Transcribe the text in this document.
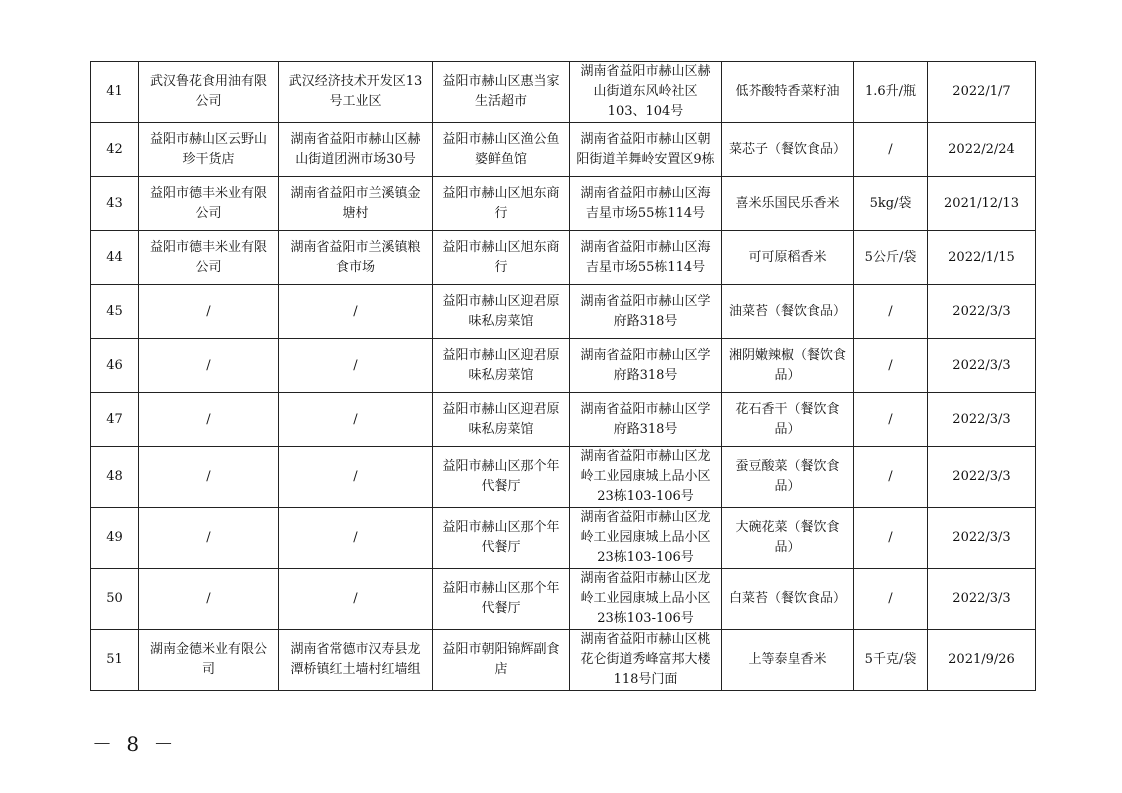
41	武汉鲁花食用油有限公司	武汉经济技术开发区13号工业区	益阳市赫山区惠当家生活超市	湖南省益阳市赫山区赫山街道东风岭社区103、104号	低芥酸特香菜籽油	1.6升/瓶	2022/1/7
42	益阳市赫山区云野山珍干货店	湖南省益阳市赫山区赫山街道团洲市场30号	益阳市赫山区渔公鱼婆鲜鱼馆	湖南省益阳市赫山区朝阳街道羊舞岭安置区9栋	菜芯子（餐饮食品）	/	2022/2/24
43	益阳市德丰米业有限公司	湖南省益阳市兰溪镇金塘村	益阳市赫山区旭东商行	湖南省益阳市赫山区海吉星市场55栋114号	喜米乐国民乐香米	5kg/袋	2021/12/13
44	益阳市德丰米业有限公司	湖南省益阳市兰溪镇粮食市场	益阳市赫山区旭东商行	湖南省益阳市赫山区海吉星市场55栋114号	可可原稻香米	5公斤/袋	2022/1/15
45	/	/	益阳市赫山区迎君原味私房菜馆	湖南省益阳市赫山区学府路318号	油菜苔（餐饮食品）	/	2022/3/3
46	/	/	益阳市赫山区迎君原味私房菜馆	湖南省益阳市赫山区学府路318号	湘阴嫩辣椒（餐饮食品）	/	2022/3/3
47	/	/	益阳市赫山区迎君原味私房菜馆	湖南省益阳市赫山区学府路318号	花石香干（餐饮食品）	/	2022/3/3
48	/	/	益阳市赫山区那个年代餐厅	湖南省益阳市赫山区龙岭工业园康城上品小区23栋103-106号	蚕豆酸菜（餐饮食品）	/	2022/3/3
49	/	/	益阳市赫山区那个年代餐厅	湖南省益阳市赫山区龙岭工业园康城上品小区23栋103-106号	大碗花菜（餐饮食品）	/	2022/3/3
50	/	/	益阳市赫山区那个年代餐厅	湖南省益阳市赫山区龙岭工业园康城上品小区23栋103-106号	白菜苔（餐饮食品）	/	2022/3/3
51	湖南金德米业有限公司	湖南省常德市汉寿县龙潭桥镇红土墙村红墙组	益阳市朝阳锦辉副食店	湖南省益阳市赫山区桃花仑街道秀峰富邦大楼118号门面	上等泰皇香米	5千克/袋	2021/9/26
－ 8 －
